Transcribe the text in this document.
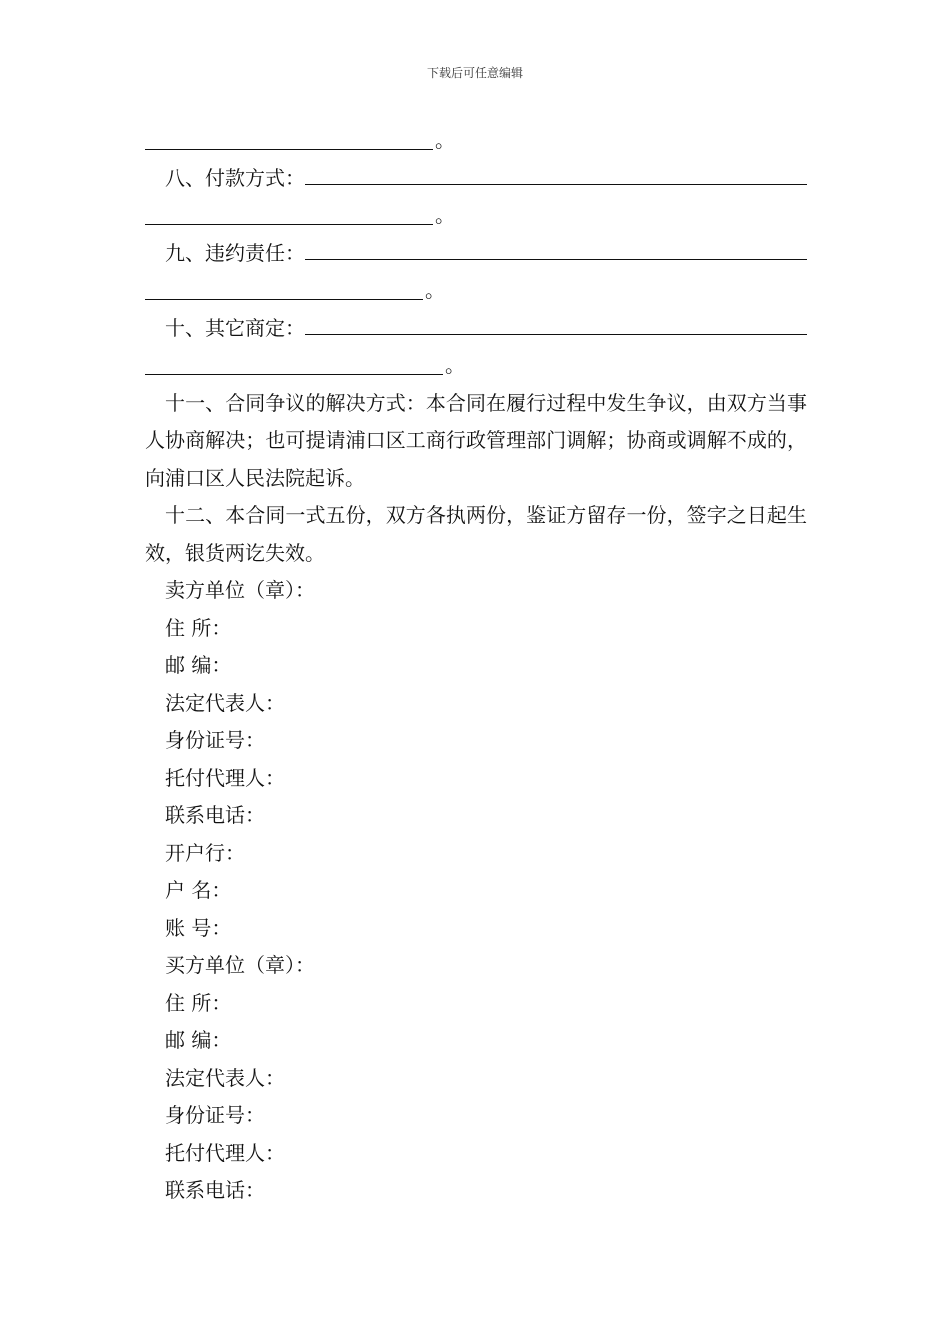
下载后可任意编辑
。
八、付款方式：
。
九、违约责任：
。
十、其它商定：
。
十一、合同争议的解决方式：本合同在履行过程中发生争议，由双方当事人协商解决；也可提请浦口区工商行政管理部门调解；协商或调解不成的，向浦口区人民法院起诉。
十二、本合同一式五份，双方各执两份，鉴证方留存一份，签字之日起生效，银货两讫失效。
卖方单位（章）：
住 所：
邮 编：
法定代表人：
身份证号：
托付代理人：
联系电话：
开户行：
户 名：
账 号：
买方单位（章）：
住 所：
邮 编：
法定代表人：
身份证号：
托付代理人：
联系电话：
